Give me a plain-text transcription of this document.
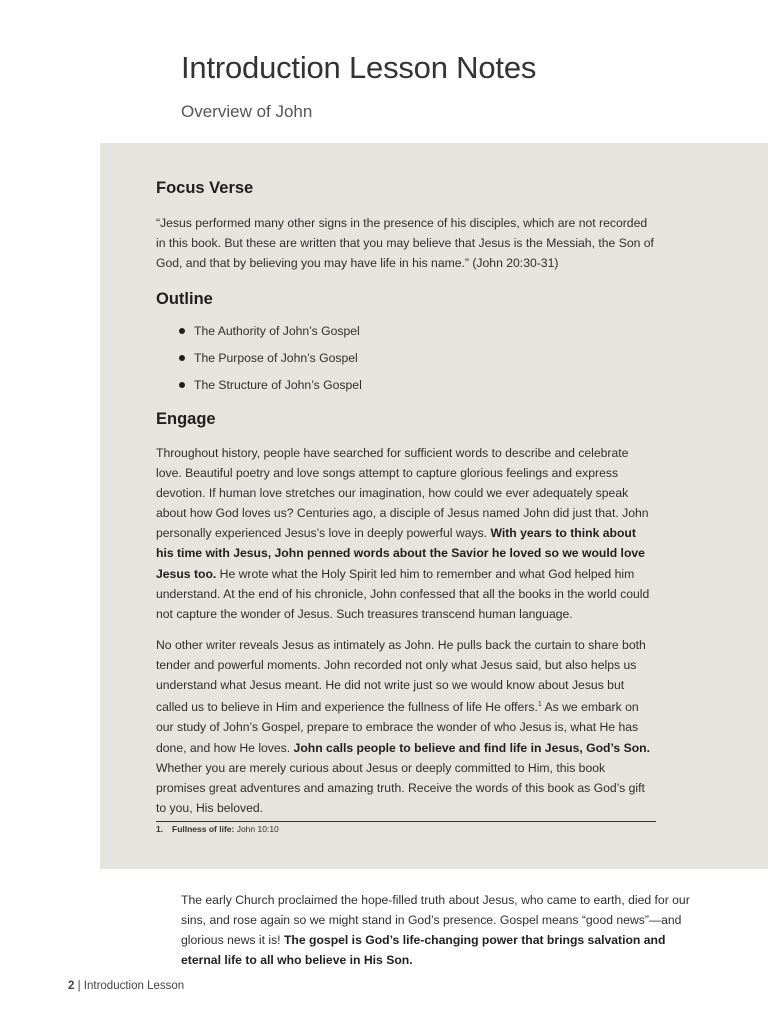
Introduction Lesson Notes

Overview of John

Focus Verse

“Jesus performed many other signs in the presence of his disciples, which are not recorded in this book. But these are written that you may believe that Jesus is the Messiah, the Son of God, and that by believing you may have life in his name.” (John 20:30-31)

Outline
The Authority of John’s Gospel
The Purpose of John’s Gospel
The Structure of John’s Gospel
Engage

Throughout history, people have searched for sufficient words to describe and celebrate love. Beautiful poetry and love songs attempt to capture glorious feelings and express devotion. If human love stretches our imagination, how could we ever adequately speak about how God loves us? Centuries ago, a disciple of Jesus named John did just that. John personally experienced Jesus’s love in deeply powerful ways. With years to think about his time with Jesus, John penned words about the Savior he loved so we would love Jesus too. He wrote what the Holy Spirit led him to remember and what God helped him understand. At the end of his chronicle, John confessed that all the books in the world could not capture the wonder of Jesus. Such treasures transcend human language.

No other writer reveals Jesus as intimately as John. He pulls back the curtain to share both tender and powerful moments. John recorded not only what Jesus said, but also helps us understand what Jesus meant. He did not write just so we would know about Jesus but called us to believe in Him and experience the fullness of life He offers.$^1$ As we embark on our study of John’s Gospel, prepare to embrace the wonder of who Jesus is, what He has done, and how He loves. John calls people to believe and find life in Jesus, God’s Son. Whether you are merely curious about Jesus or deeply committed to Him, this book promises great adventures and amazing truth. Receive the words of this book as God’s gift to you, His beloved.

1. Fullness of life: John 10:10

The early Church proclaimed the hope-filled truth about Jesus, who came to earth, died for our sins, and rose again so we might stand in God’s presence. Gospel means “good news”—and glorious news it is! The gospel is God’s life-changing power that brings salvation and eternal life to all who believe in His Son.

2 | Introduction Lesson
